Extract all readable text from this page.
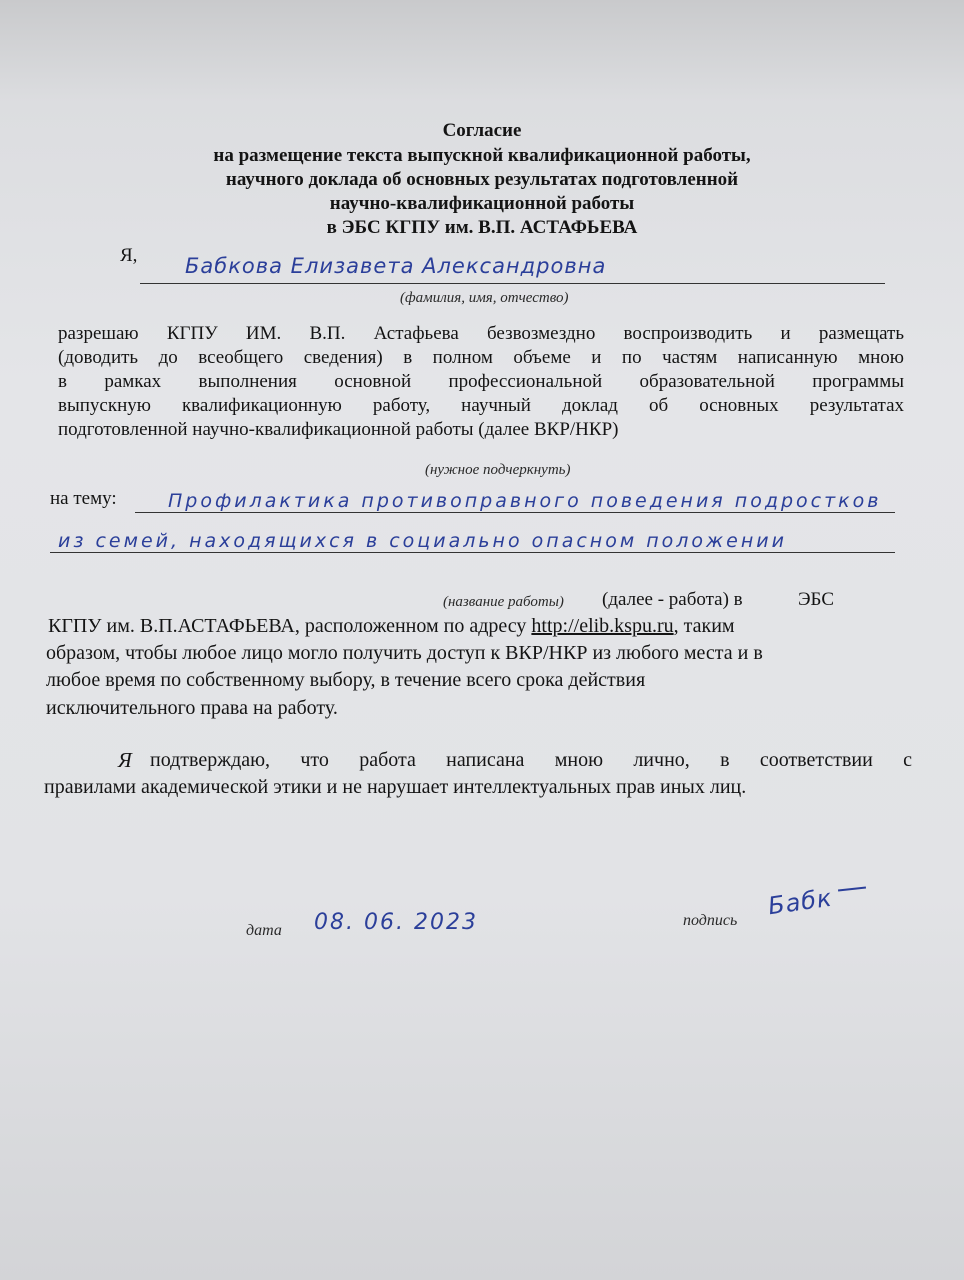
Согласие
на размещение текста выпускной квалификационной работы,
научного доклада об основных результатах подготовленной
научно-квалификационной работы
в ЭБС КГПУ им. В.П. АСТАФЬЕВА
Я, Бабкова Елизавета Александровна
(фамилия, имя, отчество)
разрешаю КГПУ ИМ. В.П. Астафьева безвозмездно воспроизводить и размещать
(доводить до всеобщего сведения) в полном объеме и по частям написанную мною
в рамках выполнения основной профессиональной образовательной программы
выпускную квалификационную работу, научный доклад об основных результатах
подготовленной научно-квалификационной работы (далее ВКР/НКР)
(нужное подчеркнуть)
на тему:	Профилактика противоправного поведения подростков
из семей, находящихся в социально опасном положении
(название работы) (далее - работа) в	ЭБС
КГПУ им. В.П.АСТАФЬЕВА, расположенном по адресу http://elib.kspu.ru, таким
образом, чтобы любое лицо могло получить доступ к ВКР/НКР из любого места и в
любое время по собственному выбору, в течение всего срока действия
исключительного права на работу.
Я подтверждаю, что работа написана мною лично, в соответствии с
правилами академической этики и не нарушает интеллектуальных прав иных лиц.
дата 08. 06. 2023	подпись
Бабк
